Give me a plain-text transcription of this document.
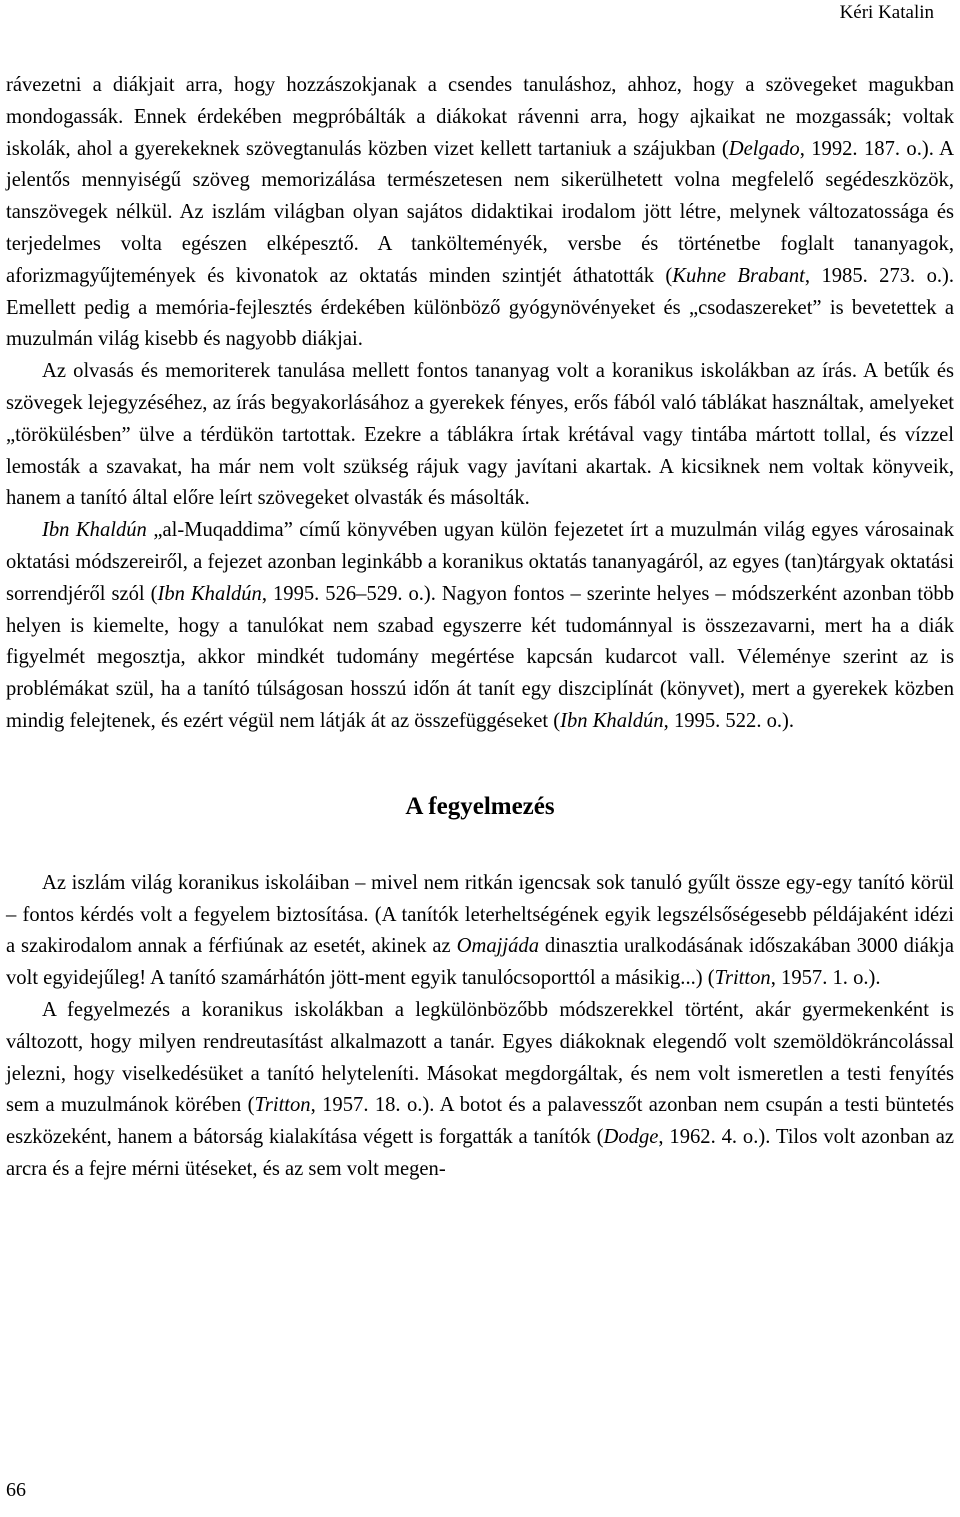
Kéri Katalin

rávezetni a diákjait arra, hogy hozzászokjanak a csendes tanuláshoz, ahhoz, hogy a szövegeket magukban mondogassák. Ennek érdekében megpróbálták a diákokat rávenni arra, hogy ajkaikat ne mozgassák; voltak iskolák, ahol a gyerekeknek szövegtanulás közben vizet kellett tartaniuk a szájukban (Delgado, 1992. 187. o.). A jelentős mennyiségű szöveg memorizálása természetesen nem sikerülhetett volna megfelelő segédeszközök, tanszövegek nélkül. Az iszlám világban olyan sajátos didaktikai irodalom jött létre, melynek változatossága és terjedelmes volta egészen elképesztő. A tankölteményék, versbe és történetbe foglalt tananyagok, aforizmagyűjtemények és kivonatok az oktatás minden szintjét áthatották (Kuhne Brabant, 1985. 273. o.). Emellett pedig a memória-fejlesztés érdekében különböző gyógynövényeket és „csodaszereket” is bevetettek a muzulmán világ kisebb és nagyobb diákjai.

Az olvasás és memoriterek tanulása mellett fontos tananyag volt a koranikus iskolákban az írás. A betűk és szövegek lejegyzéséhez, az írás begyakorlásához a gyerekek fényes, erős fából való táblákat használtak, amelyeket „törökülésben” ülve a térdükön tartottak. Ezekre a táblákra írtak krétával vagy tintába mártott tollal, és vízzel lemosták a szavakat, ha már nem volt szükség rájuk vagy javítani akartak. A kicsiknek nem voltak könyveik, hanem a tanító által előre leírt szövegeket olvasták és másolták.

Ibn Khaldún „al-Muqaddima” című könyvében ugyan külön fejezetet írt a muzulmán világ egyes városainak oktatási módszereiről, a fejezet azonban leginkább a koranikus oktatás tananyagáról, az egyes (tan)tárgyak oktatási sorrendjéről szól (Ibn Khaldún, 1995. 526–529. o.). Nagyon fontos – szerinte helyes – módszerként azonban több helyen is kiemelte, hogy a tanulókat nem szabad egyszerre két tudománnyal is összezavarni, mert ha a diák figyelmét megosztja, akkor mindkét tudomány megértése kapcsán kudarcot vall. Véleménye szerint az is problémákat szül, ha a tanító túlságosan hosszú időn át tanít egy diszciplínát (könyvet), mert a gyerekek közben mindig felejtenek, és ezért végül nem látják át az összefüggéseket (Ibn Khaldún, 1995. 522. o.).

A fegyelmezés

Az iszlám világ koranikus iskoláiban – mivel nem ritkán igencsak sok tanuló gyűlt össze egy-egy tanító körül – fontos kérdés volt a fegyelem biztosítása. (A tanítók leterheltségének egyik legszélsőségesebb példájaként idézi a szakirodalom annak a férfiúnak az esetét, akinek az Omajjáda dinasztia uralkodásának időszakában 3000 diákja volt egyidejűleg! A tanító szamárhátón jött-ment egyik tanulócsoporttól a másikig...) (Tritton, 1957. 1. o.).

A fegyelmezés a koranikus iskolákban a legkülönbözőbb módszerekkel történt, akár gyermekenként is változott, hogy milyen rendreutasítást alkalmazott a tanár. Egyes diákoknak elegendő volt szemöldökráncolással jelezni, hogy viselkedésüket a tanító helyteleníti. Másokat megdorgáltak, és nem volt ismeretlen a testi fenyítés sem a muzulmánok körében (Tritton, 1957. 18. o.). A botot és a palavesszőt azonban nem csupán a testi büntetés eszközeként, hanem a bátorság kialakítása végett is forgatták a tanítók (Dodge, 1962. 4. o.). Tilos volt azonban az arcra és a fejre mérni ütéseket, és az sem volt megen-

66
